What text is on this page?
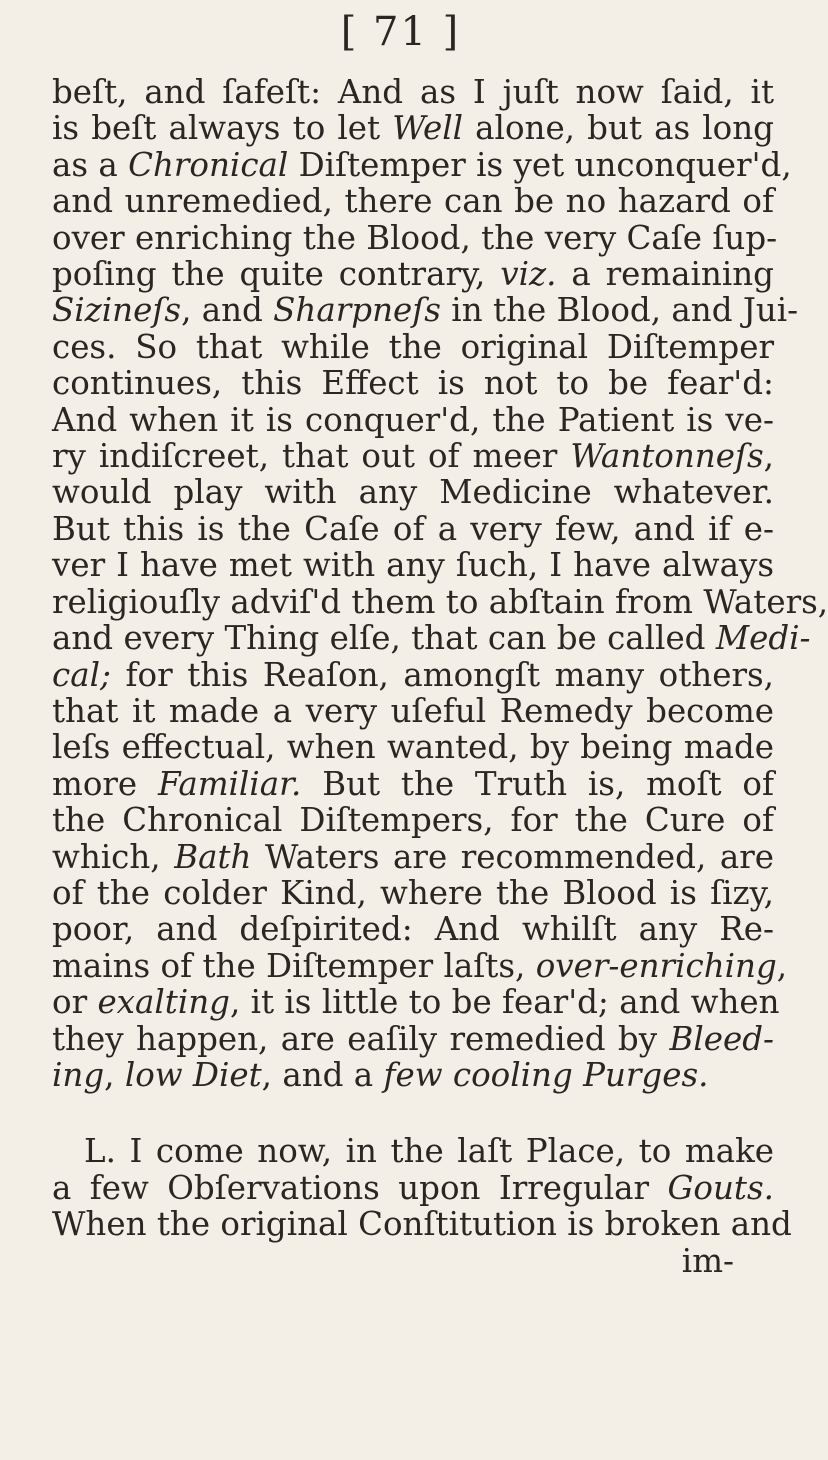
[ 71 ]
beſt, and ſafeſt: And as I juſt now ſaid, it
is beſt always to let Well alone, but as long
as a Chronical Diſtemper is yet unconquer'd,
and unremedied, there can be no hazard of
over enriching the Blood, the very Caſe ſup-
poſing the quite contrary, viz. a remaining
Sizineſs, and Sharpneſs in the Blood, and Jui-
ces. So that while the original Diſtemper
continues, this Effect is not to be fear'd:
And when it is conquer'd, the Patient is ve-
ry indiſcreet, that out of meer Wantonneſs,
would play with any Medicine whatever.
But this is the Caſe of a very few, and if e-
ver I have met with any ſuch, I have always
religiouſly adviſ'd them to abſtain from Waters,
and every Thing elſe, that can be called Medi-
cal; for this Reaſon, amongſt many others,
that it made a very uſeful Remedy become
leſs effectual, when wanted, by being made
more Familiar. But the Truth is, moſt of
the Chronical Diſtempers, for the Cure of
which, Bath Waters are recommended, are
of the colder Kind, where the Blood is ſizy,
poor, and deſpirited: And whilſt any Re-
mains of the Diſtemper laſts, over-enriching,
or exalting, it is little to be fear'd; and when
they happen, are eaſily remedied by Bleed-
ing, low Diet, and a few cooling Purges.
L. I come now, in the laſt Place, to make
a few Obſervations upon Irregular Gouts.
When the original Conſtitution is broken and
im-
